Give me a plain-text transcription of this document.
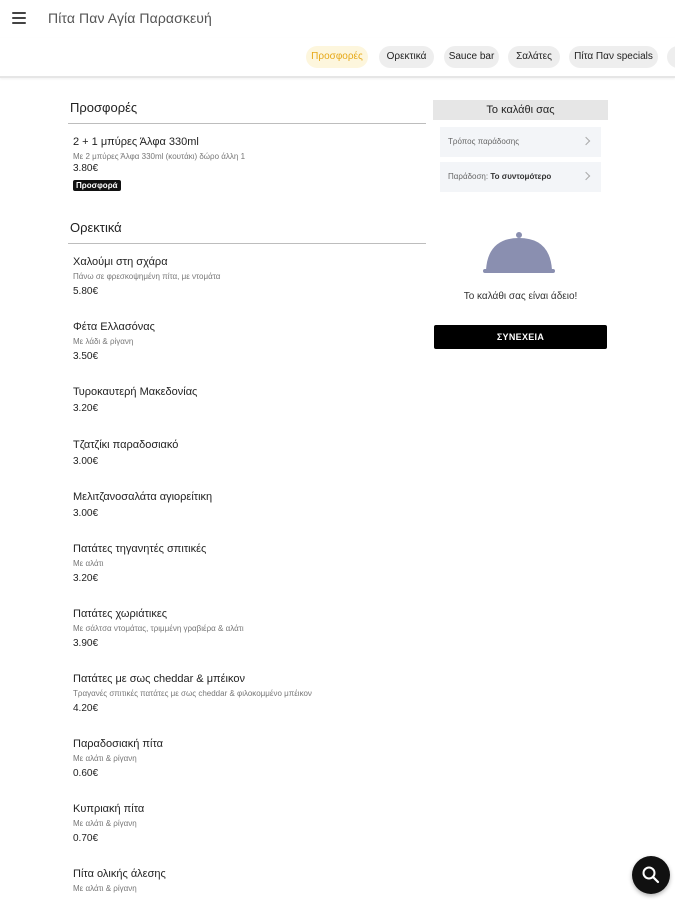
Πίτα Παν Αγία Παρασκευή
Προσφορές	Ορεκτικά	Sauce bar	Σαλάτες	Πίτα Παν specials
Προσφορές
2 + 1 μπύρες Άλφα 330ml
Με 2 μπύρες Άλφα 330ml (κουτάκι) δώρο άλλη 1
3.80€
Προσφορά
Ορεκτικά
Χαλούμι στη σχάρα
Πάνω σε φρεσκοψημένη πίτα, με ντομάτα
5.80€
Φέτα Ελλασόνας
Με λάδι & ρίγανη
3.50€
Τυροκαυτερή Μακεδονίας
3.20€
Τζατζίκι παραδοσιακό
3.00€
Μελιτζανοσαλάτα αγιορείτικη
3.00€
Πατάτες τηγανητές σπιτικές
Με αλάτι
3.20€
Πατάτες χωριάτικες
Με σάλτσα ντομάτας, τριμμένη γραβιέρα & αλάτι
3.90€
Πατάτες με σως cheddar & μπέικον
Τραγανές σπιτικές πατάτες με σως cheddar & φιλοκομμένο μπέικον
4.20€
Παραδοσιακή πίτα
Με αλάτι & ρίγανη
0.60€
Κυπριακή πίτα
Με αλάτι & ρίγανη
0.70€
Πίτα ολικής άλεσης
Με αλάτι & ρίγανη
Το καλάθι σας
Τρόπος παράδοσης
Παράδοση: Το συντομότερο
Το καλάθι σας είναι άδειο!
ΣΥΝΕΧΕΙΑ
